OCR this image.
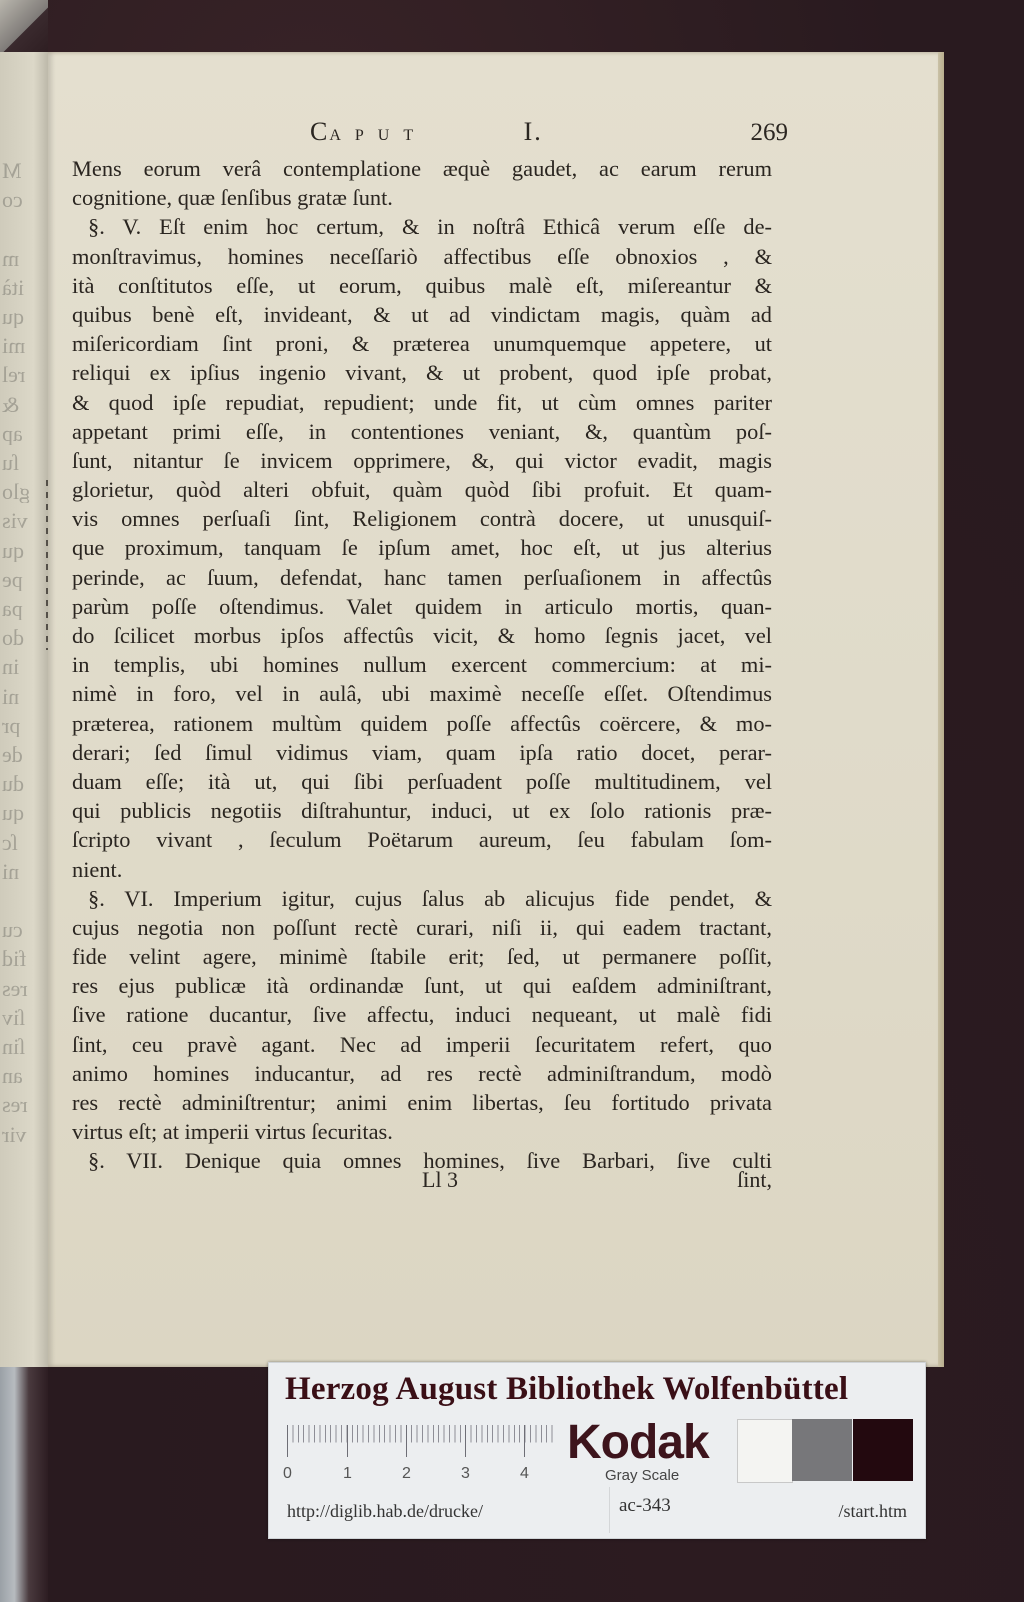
M
co
m
ità
qu
mi
rel
&
ap
ſu
glo
vis
qu
pe
pa
do
in
ni
pr
de
du
qu
ſc
ni
cu
fid
res
ſiv
ſin
an
res
vir
CAPUT	I.	269
Mens eorum verâ contemplatione æquè gaudet, ac earum rerum
cognitione, quæ ſenſibus gratæ ſunt.
§. V. Eſt enim hoc certum, & in noſtrâ Ethicâ verum eſſe de-
monſtravimus, homines neceſſariò affectibus eſſe obnoxios , &
ità conſtitutos eſſe, ut eorum, quibus malè eſt, miſereantur &
quibus benè eſt, invideant, & ut ad vindictam magis, quàm ad
miſericordiam ſint proni, & præterea unumquemque appetere, ut
reliqui ex ipſius ingenio vivant, & ut probent, quod ipſe probat,
& quod ipſe repudiat, repudient; unde fit, ut cùm omnes pariter
appetant primi eſſe, in contentiones veniant, &, quantùm poſ-
ſunt, nitantur ſe invicem opprimere, &, qui victor evadit, magis
glorietur, quòd alteri obfuit, quàm quòd ſibi profuit. Et quam-
vis omnes perſuaſi ſint, Religionem contrà docere, ut unusquiſ-
que proximum, tanquam ſe ipſum amet, hoc eſt, ut jus alterius
perinde, ac ſuum, defendat, hanc tamen perſuaſionem in affectûs
parùm poſſe oſtendimus. Valet quidem in articulo mortis, quan-
do ſcilicet morbus ipſos affectûs vicit, & homo ſegnis jacet, vel
in templis, ubi homines nullum exercent commercium: at mi-
nimè in foro, vel in aulâ, ubi maximè neceſſe eſſet. Oſtendimus
præterea, rationem multùm quidem poſſe affectûs coërcere, & mo-
derari; ſed ſimul vidimus viam, quam ipſa ratio docet, perar-
duam eſſe; ità ut, qui ſibi perſuadent poſſe multitudinem, vel
qui publicis negotiis diſtrahuntur, induci, ut ex ſolo rationis præ-
ſcripto vivant , ſeculum Poëtarum aureum, ſeu fabulam ſom-
nient.
§. VI. Imperium igitur, cujus ſalus ab alicujus fide pendet, &
cujus negotia non poſſunt rectè curari, niſi ii, qui eadem tractant,
fide velint agere, minimè ſtabile erit; ſed, ut permanere poſſit,
res ejus publicæ ità ordinandæ ſunt, ut qui eaſdem adminiſtrant,
ſive ratione ducantur, ſive affectu, induci nequeant, ut malè fidi
ſint, ceu pravè agant. Nec ad imperii ſecuritatem refert, quo
animo homines inducantur, ad res rectè adminiſtrandum, modò
res rectè adminiſtrentur; animi enim libertas, ſeu fortitudo privata
virtus eſt; at imperii virtus ſecuritas.
§. VII. Denique quia omnes homines, ſive Barbari, ſive culti
Ll 3	ſint,
Herzog August Bibliothek Wolfenbüttel
0	1	2	3	4
Kodak
Gray Scale
http://diglib.hab.de/drucke/	ac-343	/start.htm
